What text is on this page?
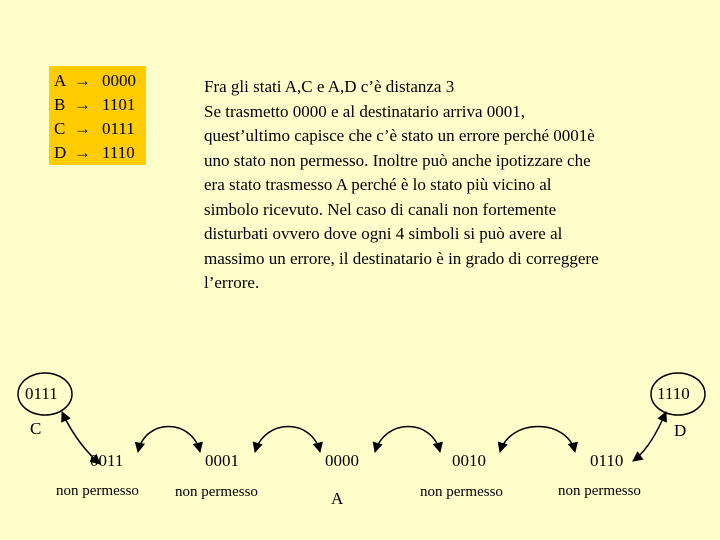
A → 0000
B → 1101
C → 0111
D → 1110
Fra gli stati A,C e A,D c’è distanza 3
Se trasmetto 0000 e al destinatario arriva 0001,
quest’ultimo capisce che c’è stato un errore perché 0001è
uno stato non permesso. Inoltre può anche ipotizzare che
era stato trasmesso A perché è lo stato più vicino al
simbolo ricevuto. Nel caso di canali non fortemente
disturbati ovvero dove ogni 4 simboli si può avere al
massimo un errore, il destinatario è in grado di correggere
l’errore.
0111
C
1110
D
0011
non permesso
0001
non permesso
0000
A
0010
non permesso
0110
non permesso
